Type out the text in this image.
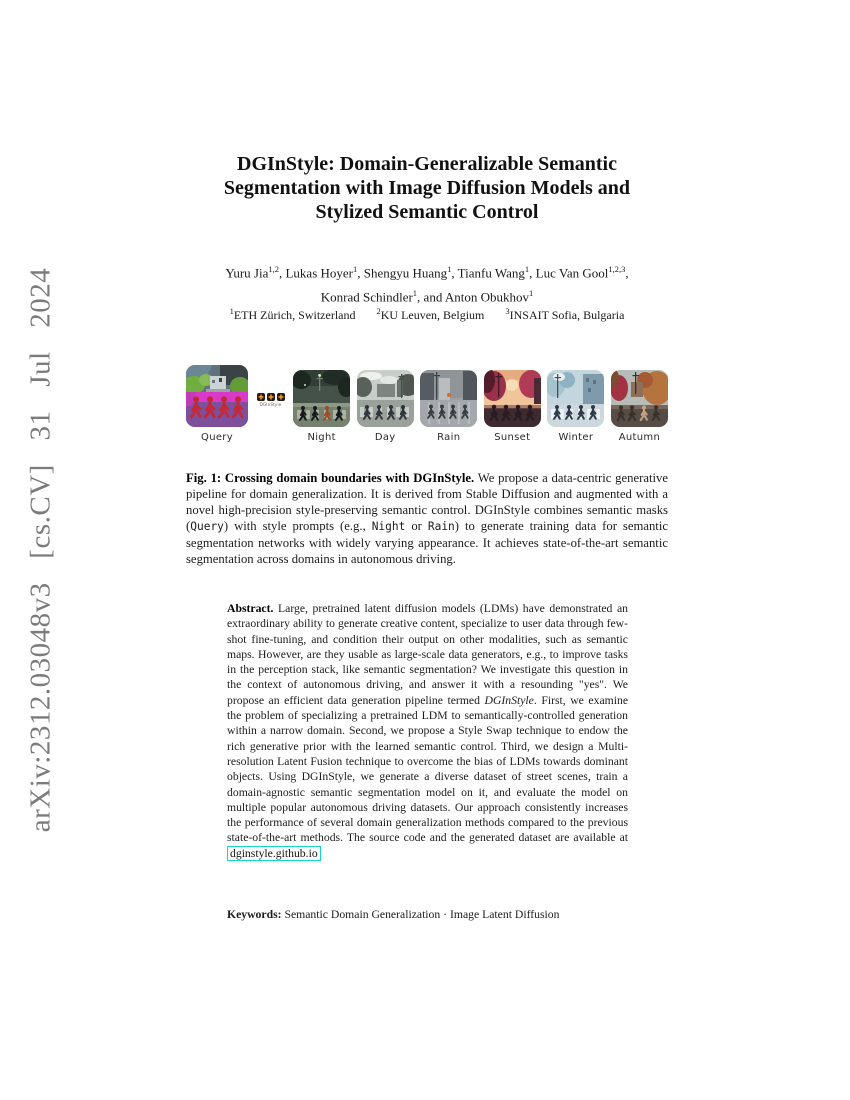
arXiv:2312.03048v3 [cs.CV] 31 Jul 2024
DGInStyle: Domain-Generalizable Semantic
Segmentation with Image Diffusion Models and
Stylized Semantic Control
Yuru Jia$^{1,2}$, Lukas Hoyer$^1$, Shengyu Huang$^1$, Tianfu Wang$^1$, Luc Van Gool$^{1,2,3}$,
Konrad Schindler$^1$, and Anton Obukhov$^1$
$^1$ETH Zürich, Switzerland $^2$KU Leuven, Belgium $^3$INSAIT Sofia, Bulgaria
Query
DGInStyle
Night	Day	Rain	Sunset	Winter	Autumn
Fig. 1: Crossing domain boundaries with DGInStyle. We propose a data-centric generative pipeline for domain generalization. It is derived from Stable Diffusion and augmented with a novel high-precision style-preserving semantic control. DGInStyle combines semantic masks (Query) with style prompts (e.g., Night or Rain) to generate training data for semantic segmentation networks with widely varying appearance. It achieves state-of-the-art semantic segmentation across domains in autonomous driving.
Abstract. Large, pretrained latent diffusion models (LDMs) have demonstrated an extraordinary ability to generate creative content, specialize to user data through few-shot fine-tuning, and condition their output on other modalities, such as semantic maps. However, are they usable as large-scale data generators, e.g., to improve tasks in the perception stack, like semantic segmentation? We investigate this question in the context of autonomous driving, and answer it with a resounding "yes". We propose an efficient data generation pipeline termed DGInStyle. First, we examine the problem of specializing a pretrained LDM to semantically-controlled generation within a narrow domain. Second, we propose a Style Swap technique to endow the rich generative prior with the learned semantic control. Third, we design a Multi-resolution Latent Fusion technique to overcome the bias of LDMs towards dominant objects. Using DGInStyle, we generate a diverse dataset of street scenes, train a domain-agnostic semantic segmentation model on it, and evaluate the model on multiple popular autonomous driving datasets. Our approach consistently increases the performance of several domain generalization methods compared to the previous state-of-the-art methods. The source code and the generated dataset are available at dginstyle.github.io
Keywords: Semantic Domain Generalization · Image Latent Diffusion
